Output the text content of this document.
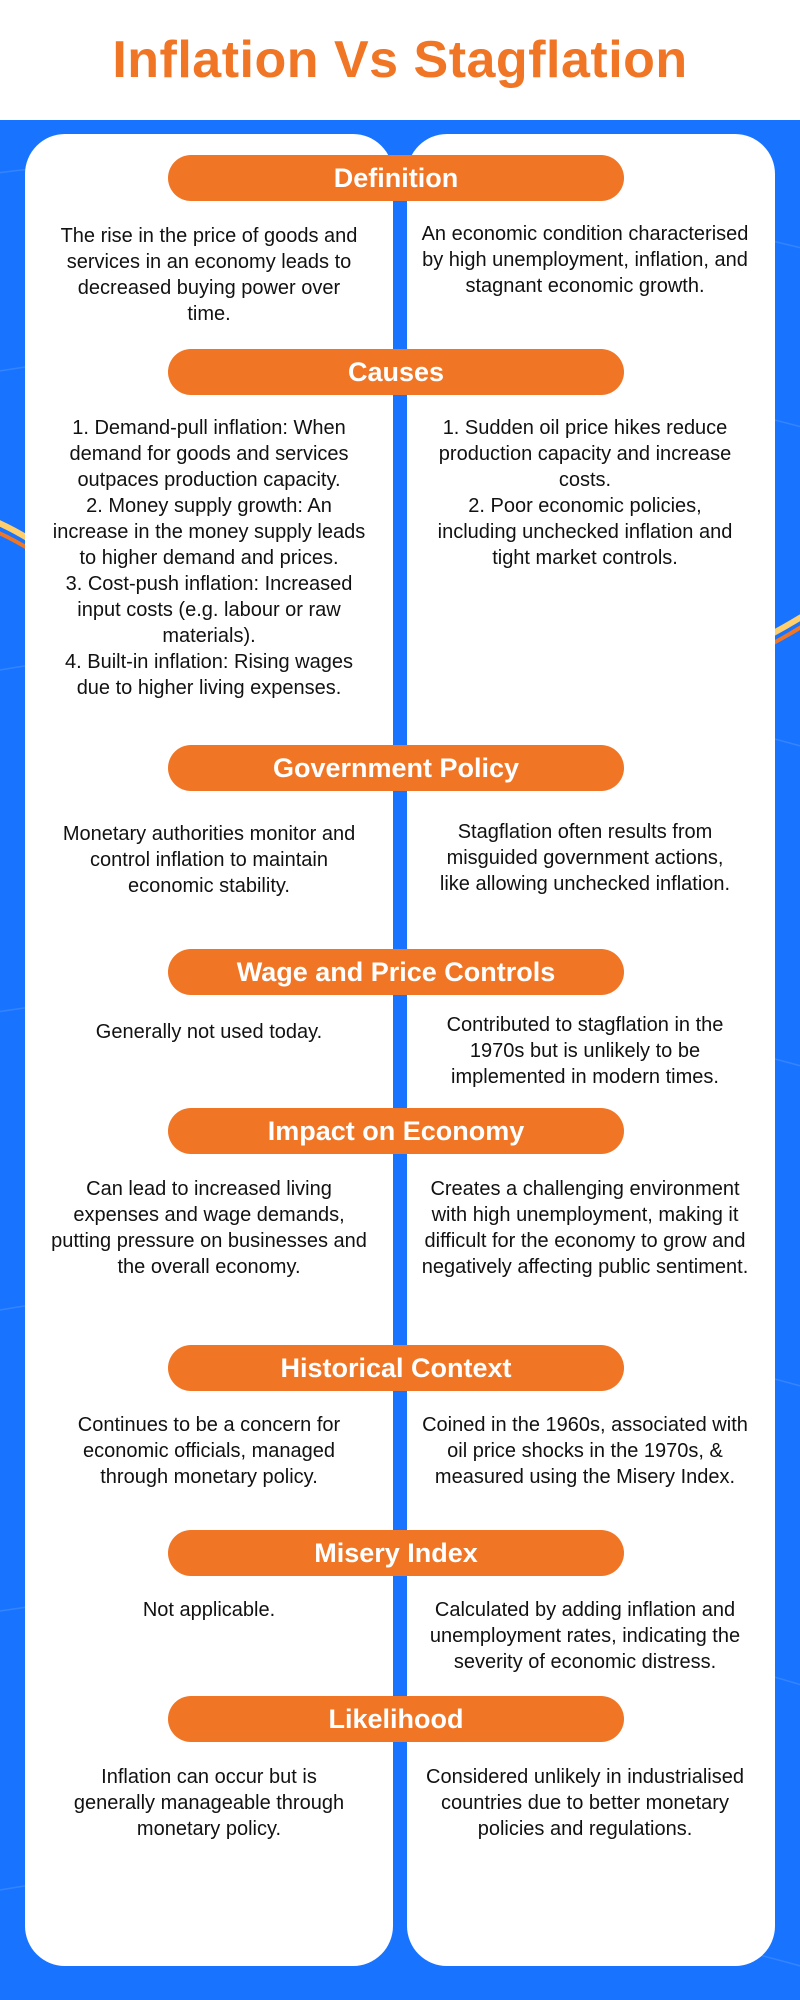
Inflation Vs Stagflation
Definition

The rise in the price of goods and services in an economy leads to decreased buying power over time.

An economic condition characterised by high unemployment, inflation, and stagnant economic growth.

Causes

1. Demand-pull inflation: When demand for goods and services outpaces production capacity.

2. Money supply growth: An increase in the money supply leads to higher demand and prices.

3. Cost-push inflation: Increased input costs (e.g. labour or raw materials).

4. Built-in inflation: Rising wages due to higher living expenses.

1. Sudden oil price hikes reduce production capacity and increase costs.

2. Poor economic policies, including unchecked inflation and tight market controls.

Government Policy

Monetary authorities monitor and control inflation to maintain economic stability.

Stagflation often results from misguided government actions, like allowing unchecked inflation.

Wage and Price Controls

Generally not used today.	Contributed to stagflation in the 1970s but is unlikely to be implemented in modern times.

Impact on Economy

Can lead to increased living expenses and wage demands, putting pressure on businesses and the overall economy.

Creates a challenging environment with high unemployment, making it difficult for the economy to grow and negatively affecting public sentiment.

Historical Context

Continues to be a concern for economic officials, managed through monetary policy.

Coined in the 1960s, associated with oil price shocks in the 1970s, & measured using the Misery Index.

Misery Index

Not applicable.	Calculated by adding inflation and unemployment rates, indicating the severity of economic distress.

Likelihood

Inflation can occur but is generally manageable through monetary policy.

Considered unlikely in industrialised countries due to better monetary policies and regulations.
